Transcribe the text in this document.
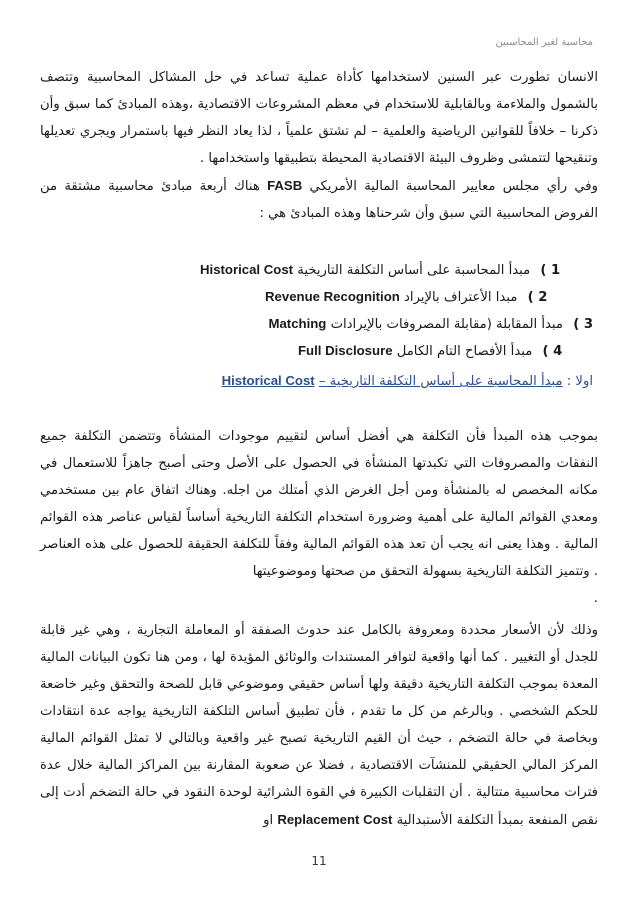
محاسبة لغير المحاسبين
الانسان تطورت عبر السنين لاستخدامها كأداة عملية تساعد في حل المشاكل المحاسبية وتتصف بالشمول والملاءمة وبالقابلية للاستخدام في معظم المشروعات الاقتصادية ،وهذه المبادئ كما سبق وأن ذكرنا – خلافاً للقوانين الرياضية والعلمية – لم تشتق علمياً ، لذا يعاد النظر فيها باستمرار ويجري تعديلها وتنقيحها لتتمشى وظروف البيئة الاقتصادية المحيطة بتطبيقها واستخدامها .
وفي رأي مجلس معايير المحاسبة المالية الأمريكي FASB هناك أربعة مبادئ محاسبية مشتقة من الفروض المحاسبية التي سبق وأن شرحناها وهذه المبادئ هي :
1 ) مبدأ المحاسبة على أساس التكلفة التاريخية Historical Cost
2 ) مبدا الأعتراف بالإيراد Revenue Recognition
3 ) مبدأ المقابلة (مقابلة المصروفات بالإيرادات Matching
4 ) مبدأ الأفصاح التام الكامل Full Disclosure
اولا : مبدأ المحاسبة على أساس التكلفة التاريخية – Historical Cost
بموجب هذه المبدأ فأن التكلفة هي أفضل أساس لتقييم موجودات المنشأة وتتضمن التكلفة جميع النفقات والمصروفات التي تكبدتها المنشأة في الحصول على الأصل وحتى أصبح جاهزاً للاستعمال في مكانه المخصص له بالمنشأة ومن أجل الغرض الذي أمتلك من اجله. وهناك اتفاق عام بين مستخدمي ومعدي القوائم المالية على أهمية وضرورة استخدام التكلفة التاريخية أساساً لقياس عناصر هذه القوائم المالية . وهذا يعنى انه يجب أن تعد هذه القوائم المالية وفقاً للتكلفة الحقيقة للحصول على هذه العناصر . وتتميز التكلفة التاريخية بسهولة التحقق من صحتها وموضوعيتها
.
وذلك لأن الأسعار محددة ومعروفة بالكامل عند حدوث الصفقة أو المعاملة التجارية ، وهي غير قابلة للجدل أو التغيير . كما أنها واقعية لتوافر المستندات والوثائق المؤيدة لها ، ومن هنا تكون البيانات المالية المعدة بموجب التكلفة التاريخية دقيقة ولها أساس حقيقي وموضوعي قابل للصحة والتحقق وغير خاضعة للحكم الشخصي . وبالرغم من كل ما تقدم ، فأن تطبيق أساس التلكفة التاريخية يواجه عدة انتقادات وبخاصة في حالة التضخم ، حيث أن القيم التاريخية تصبح غير واقعية وبالتالي لا تمثل القوائم المالية المركز المالي الحقيقي للمنشآت الاقتصادية ، فضلا عن صعوبة المقارنة بين المراكز المالية خلال عدة فترات محاسبية متتالية . أن التقلبات الكبيرة في القوة الشرائية لوحدة النقود في حالة التضخم أدت إلى نقص المنفعة بمبدأ التكلفة الأستبدالية Replacement Cost او
11
